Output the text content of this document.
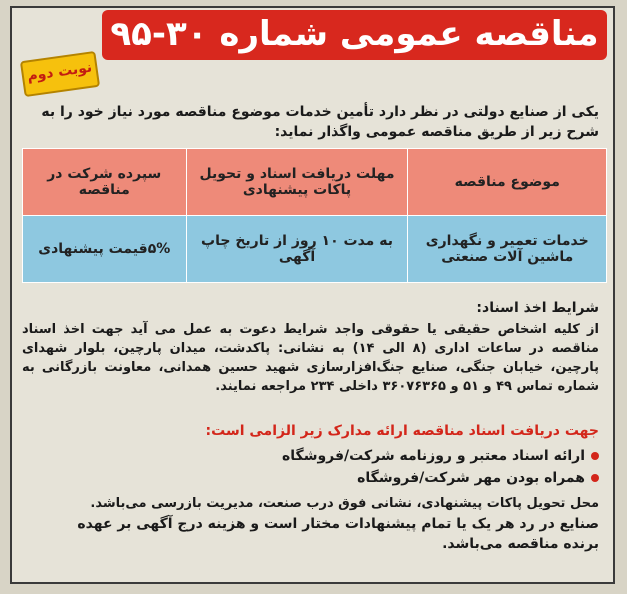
مناقصه عمومی شماره ۳۰-۹۵
نوبت دوم
یکی از صنایع دولتی در نظر دارد تأمین خدمات موضوع مناقصه مورد نیاز خود را به
شرح زیر از طریق مناقصه عمومی واگذار نماید:
موضوع مناقصه	مهلت دریافت اسناد و تحویل پاکات پیشنهادی	سپرده شرکت در مناقصه
خدمات تعمیر و نگهداری ماشین آلات صنعتی	به مدت ۱۰ روز از تاریخ چاپ آگهی	۵%قیمت پیشنهادی
شرایط اخذ اسناد:
از کلیه اشخاص حقیقی یا حقوقی واجد شرایط دعوت به عمل می آید جهت اخذ اسناد مناقصه در ساعات اداری (۸ الی ۱۴) به نشانی: پاکدشت، میدان پارچین، بلوار شهدای پارچین، خیابان جنگی، صنایع جنگ‌افزارسازی شهید حسین همدانی، معاونت بازرگانی به شماره تماس ۴۹ و ۵۱ و ۳۶۰۷۶۳۶۵ داخلی ۲۳۴ مراجعه نمایند.
جهت دریافت اسناد مناقصه ارائه مدارک زیر الزامی است:
ارائه اسناد معتبر و روزنامه شرکت/فروشگاه
همراه بودن مهر شرکت/فروشگاه
محل تحویل پاکات پیشنهادی، نشانی فوق درب صنعت، مدیریت بازرسی می‌باشد.
صنایع در رد هر یک یا تمام پیشنهادات مختار است و هزینه درج آگهی بر عهده
برنده مناقصه می‌باشد.
